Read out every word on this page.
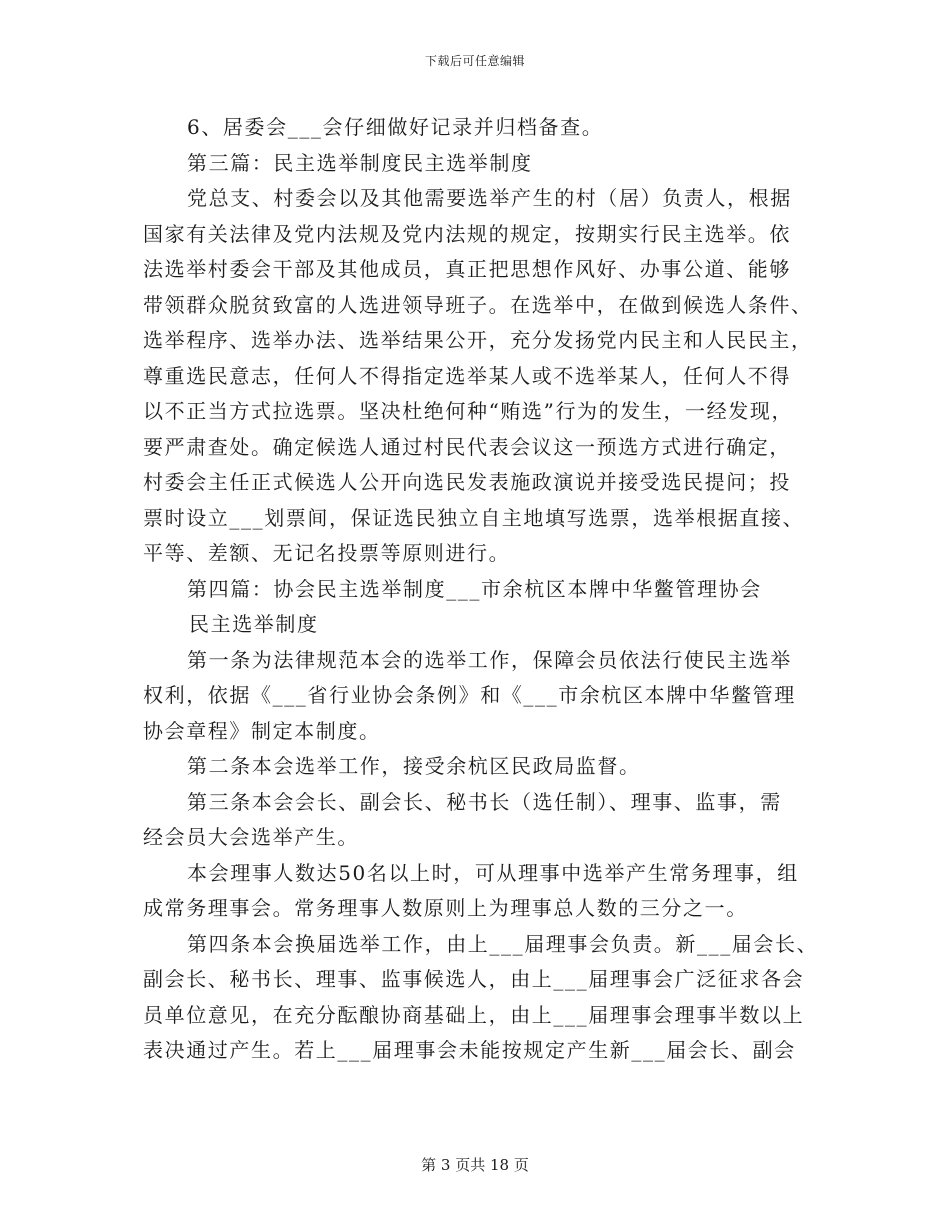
下载后可任意编辑
6、居委会___会仔细做好记录并归档备查。
第三篇：民主选举制度民主选举制度
党总支、村委会以及其他需要选举产生的村（居）负责人，根据
国家有关法律及党内法规及党内法规的规定，按期实行民主选举。依
法选举村委会干部及其他成员，真正把思想作风好、办事公道、能够
带领群众脱贫致富的人选进领导班子。在选举中，在做到候选人条件、
选举程序、选举办法、选举结果公开，充分发扬党内民主和人民民主，
尊重选民意志，任何人不得指定选举某人或不选举某人，任何人不得
以不正当方式拉选票。坚决杜绝何种“贿选”行为的发生，一经发现，
要严肃查处。确定候选人通过村民代表会议这一预选方式进行确定，
村委会主任正式候选人公开向选民发表施政演说并接受选民提问；投
票时设立___划票间，保证选民独立自主地填写选票，选举根据直接、
平等、差额、无记名投票等原则进行。
第四篇：协会民主选举制度___市余杭区本牌中华鳖管理协会
民主选举制度
第一条为法律规范本会的选举工作，保障会员依法行使民主选举
权利，依据《___省行业协会条例》和《___市余杭区本牌中华鳖管理
协会章程》制定本制度。
第二条本会选举工作，接受余杭区民政局监督。
第三条本会会长、副会长、秘书长（选任制）、理事、监事，需
经会员大会选举产生。
本会理事人数达50名以上时，可从理事中选举产生常务理事，组
成常务理事会。常务理事人数原则上为理事总人数的三分之一。
第四条本会换届选举工作，由上___届理事会负责。新___届会长、
副会长、秘书长、理事、监事候选人，由上___届理事会广泛征求各会
员单位意见，在充分酝酿协商基础上，由上___届理事会理事半数以上
表决通过产生。若上___届理事会未能按规定产生新___届会长、副会
第 3 页共 18 页
